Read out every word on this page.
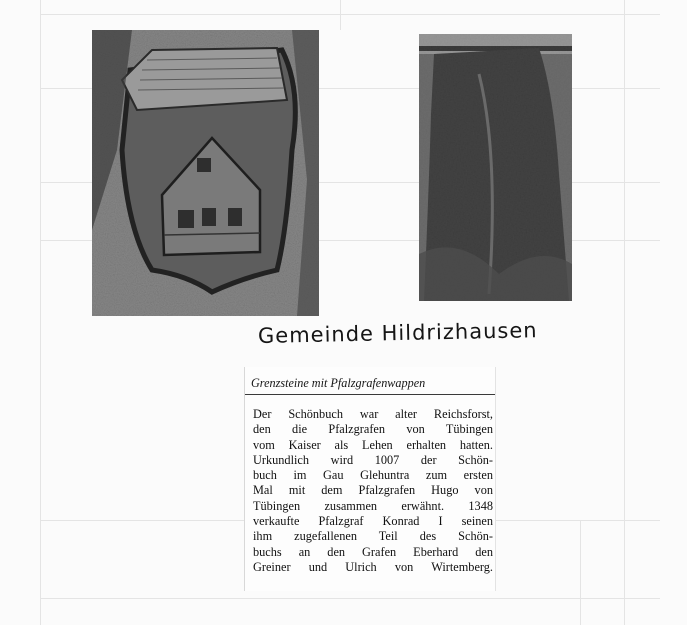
Gemeinde Hildrizhausen
Grenzsteine mit Pfalzgrafenwappen
Der Schönbuch war alter Reichsforst,
den die Pfalzgrafen von Tübingen
vom Kaiser als Lehen erhalten hatten.
Urkundlich wird 1007 der Schön-
buch im Gau Glehuntra zum ersten
Mal mit dem Pfalzgrafen Hugo von
Tübingen zusammen erwähnt. 1348
verkaufte Pfalzgraf Konrad I seinen
ihm zugefallenen Teil des Schön-
buchs an den Grafen Eberhard den
Greiner und Ulrich von Wirtemberg.
